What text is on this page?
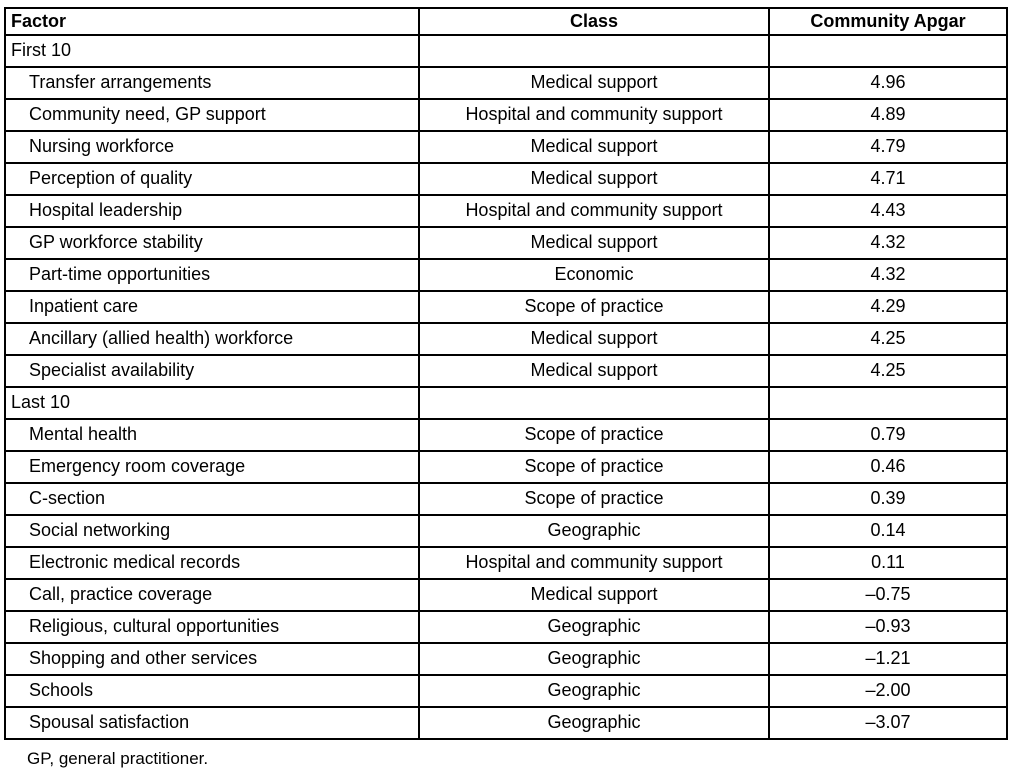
Factor	Class	Community Apgar
First 10		
Transfer arrangements	Medical support	4.96
Community need, GP support	Hospital and community support	4.89
Nursing workforce	Medical support	4.79
Perception of quality	Medical support	4.71
Hospital leadership	Hospital and community support	4.43
GP workforce stability	Medical support	4.32
Part-time opportunities	Economic	4.32
Inpatient care	Scope of practice	4.29
Ancillary (allied health) workforce	Medical support	4.25
Specialist availability	Medical support	4.25
Last 10		
Mental health	Scope of practice	0.79
Emergency room coverage	Scope of practice	0.46
C-section	Scope of practice	0.39
Social networking	Geographic	0.14
Electronic medical records	Hospital and community support	0.11
Call, practice coverage	Medical support	–0.75
Religious, cultural opportunities	Geographic	–0.93
Shopping and other services	Geographic	–1.21
Schools	Geographic	–2.00
Spousal satisfaction	Geographic	–3.07
GP, general practitioner.
